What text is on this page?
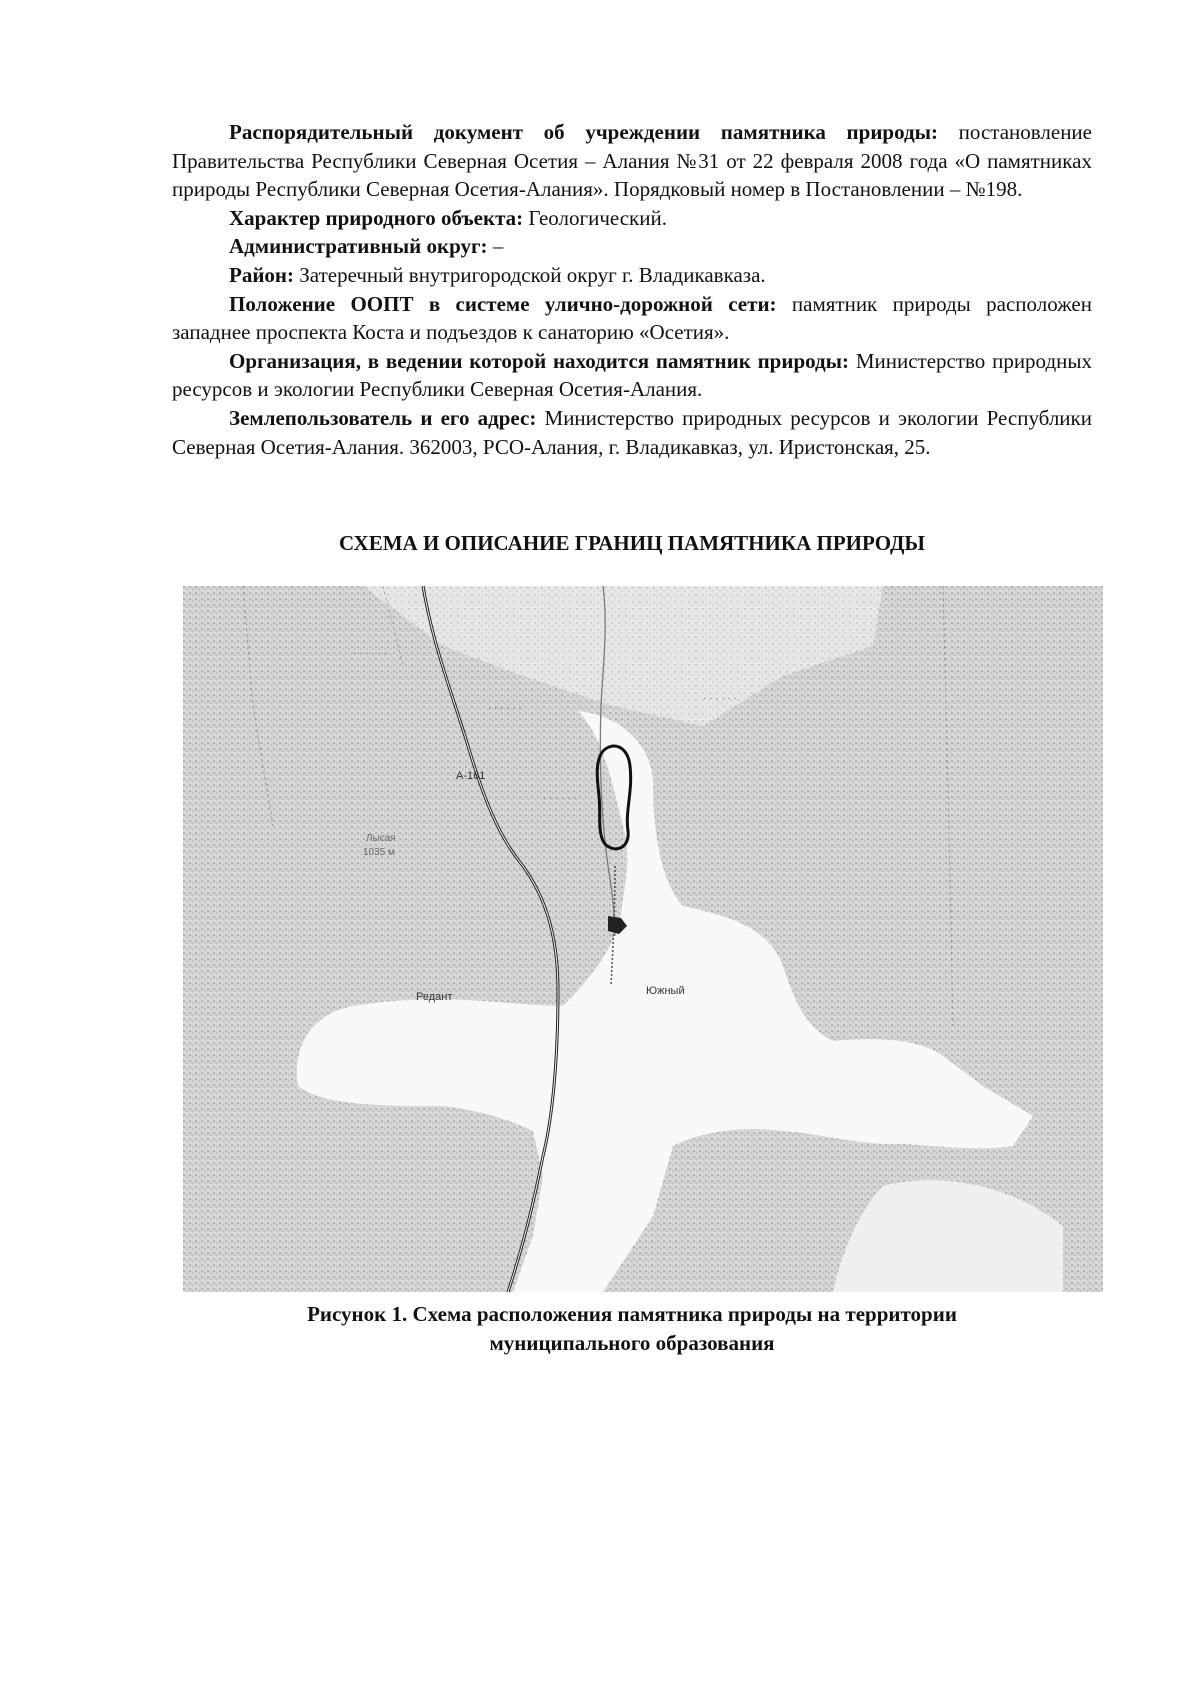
Распорядительный документ об учреждении памятника природы: постановление Правительства Республики Северная Осетия – Алания №31 от 22 февраля 2008 года «О памятниках природы Республики Северная Осетия-Алания». Порядковый номер в Постановлении – №198.

Характер природного объекта: Геологический.

Административный округ: –

Район: Затеречный внутригородской округ г. Владикавказа.

Положение ООПТ в системе улично-дорожной сети: памятник природы расположен западнее проспекта Коста и подъездов к санаторию «Осетия».

Организация, в ведении которой находится памятник природы: Министерство природных ресурсов и экологии Республики Северная Осетия-Алания.

Землепользователь и его адрес: Министерство природных ресурсов и экологии Республики Северная Осетия-Алания. 362003, РСО-Алания, г. Владикавказ, ул. Иристонская, 25.

СХЕМА И ОПИСАНИЕ ГРАНИЦ ПАМЯТНИКА ПРИРОДЫ
· · · · · ·
· · · · · ·
· · · · · ·
· · · · · ·
А-161
Редант	Южный
Лысая
1035 м
Рисунок 1. Схема расположения памятника природы на территории
муниципального образования
